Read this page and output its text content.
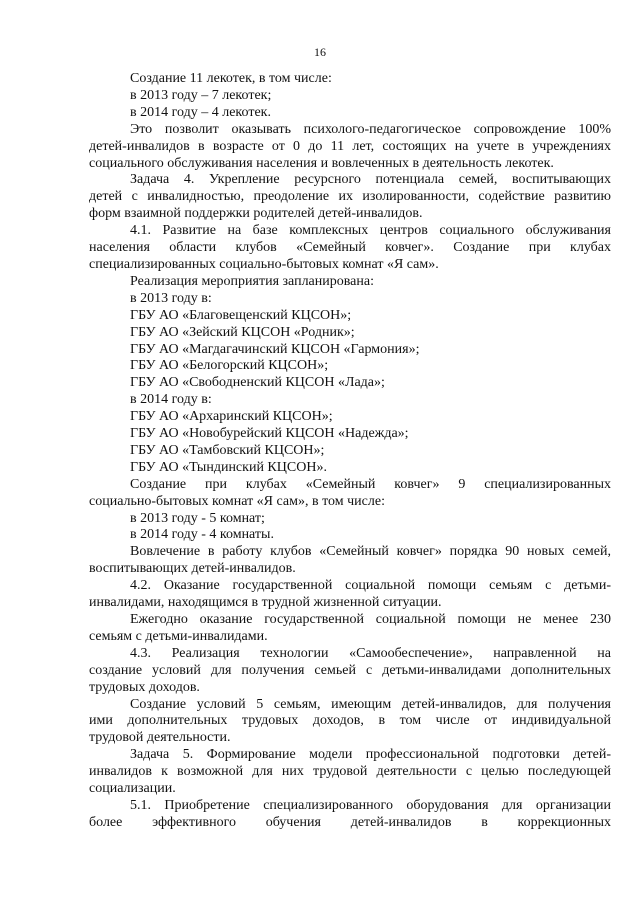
16
Создание 11 лекотек, в том числе:
в 2013 году – 7 лекотек;
в 2014 году – 4 лекотек.
Это позволит оказывать психолого-педагогическое сопровождение 100%
детей-инвалидов в возрасте от 0 до 11 лет, состоящих на учете в учреждениях
социального обслуживания населения и вовлеченных в деятельность лекотек.
Задача 4. Укрепление ресурсного потенциала семей, воспитывающих
детей с инвалидностью, преодоление их изолированности, содействие развитию
форм взаимной поддержки родителей детей-инвалидов.
4.1. Развитие на базе комплексных центров социального обслуживания
населения области клубов «Семейный ковчег». Создание при клубах
специализированных социально-бытовых комнат «Я сам».
Реализация мероприятия запланирована:
в 2013 году в:
ГБУ АО «Благовещенский КЦСОН»;
ГБУ АО «Зейский КЦСОН «Родник»;
ГБУ АО «Магдагачинский КЦСОН «Гармония»;
ГБУ АО «Белогорский КЦСОН»;
ГБУ АО «Свободненский КЦСОН «Лада»;
в 2014 году в:
ГБУ АО «Архаринский КЦСОН»;
ГБУ АО «Новобурейский КЦСОН «Надежда»;
ГБУ АО «Тамбовский КЦСОН»;
ГБУ АО «Тындинский КЦСОН».
Создание при клубах «Семейный ковчег» 9 специализированных
социально-бытовых комнат «Я сам», в том числе:
в 2013 году - 5 комнат;
в 2014 году - 4 комнаты.
Вовлечение в работу клубов «Семейный ковчег» порядка 90 новых семей,
воспитывающих детей-инвалидов.
4.2. Оказание государственной социальной помощи семьям с детьми-
инвалидами, находящимся в трудной жизненной ситуации.
Ежегодно оказание государственной социальной помощи не менее 230
семьям с детьми-инвалидами.
4.3. Реализация технологии «Самообеспечение», направленной на
создание условий для получения семьей с детьми-инвалидами дополнительных
трудовых доходов.
Создание условий 5 семьям, имеющим детей-инвалидов, для получения
ими дополнительных трудовых доходов, в том числе от индивидуальной
трудовой деятельности.
Задача 5. Формирование модели профессиональной подготовки детей-
инвалидов к возможной для них трудовой деятельности с целью последующей
социализации.
5.1. Приобретение специализированного оборудования для организации
более эффективного обучения детей-инвалидов в коррекционных
